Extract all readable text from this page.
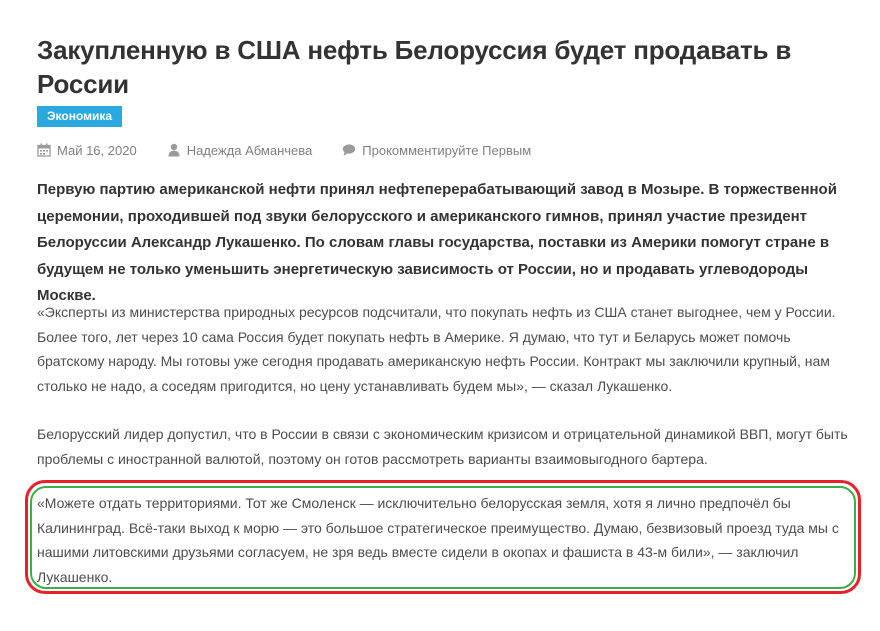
Закупленную в США нефть Белоруссия будет продавать в России
Экономика
Май 16, 2020	Надежда Абманчева	Прокомментируйте Первым

Первую партию американской нефти принял нефтеперерабатывающий завод в Мозыре. В торжественной церемонии, проходившей под звуки белорусского и американского гимнов, принял участие президент Белоруссии Александр Лукашенко. По словам главы государства, поставки из Америки помогут стране в будущем не только уменьшить энергетическую зависимость от России, но и продавать углеводороды Москве.

«Эксперты из министерства природных ресурсов подсчитали, что покупать нефть из США станет выгоднее, чем у России. Более того, лет через 10 сама Россия будет покупать нефть в Америке. Я думаю, что тут и Беларусь может помочь братскому народу. Мы готовы уже сегодня продавать американскую нефть России. Контракт мы заключили крупный, нам столько не надо, а соседям пригодится, но цену устанавливать будем мы», — сказал Лукашенко.

Белорусский лидер допустил, что в России в связи с экономическим кризисом и отрицательной динамикой ВВП, могут быть проблемы с иностранной валютой, поэтому он готов рассмотреть варианты взаимовыгодного бартера.

«Можете отдать территориями. Тот же Смоленск — исключительно белорусская земля, хотя я лично предпочёл бы Калининград. Всё-таки выход к морю — это большое стратегическое преимущество. Думаю, безвизовый проезд туда мы с нашими литовскими друзьями согласуем, не зря ведь вместе сидели в окопах и фашиста в 43-м били», — заключил Лукашенко.
